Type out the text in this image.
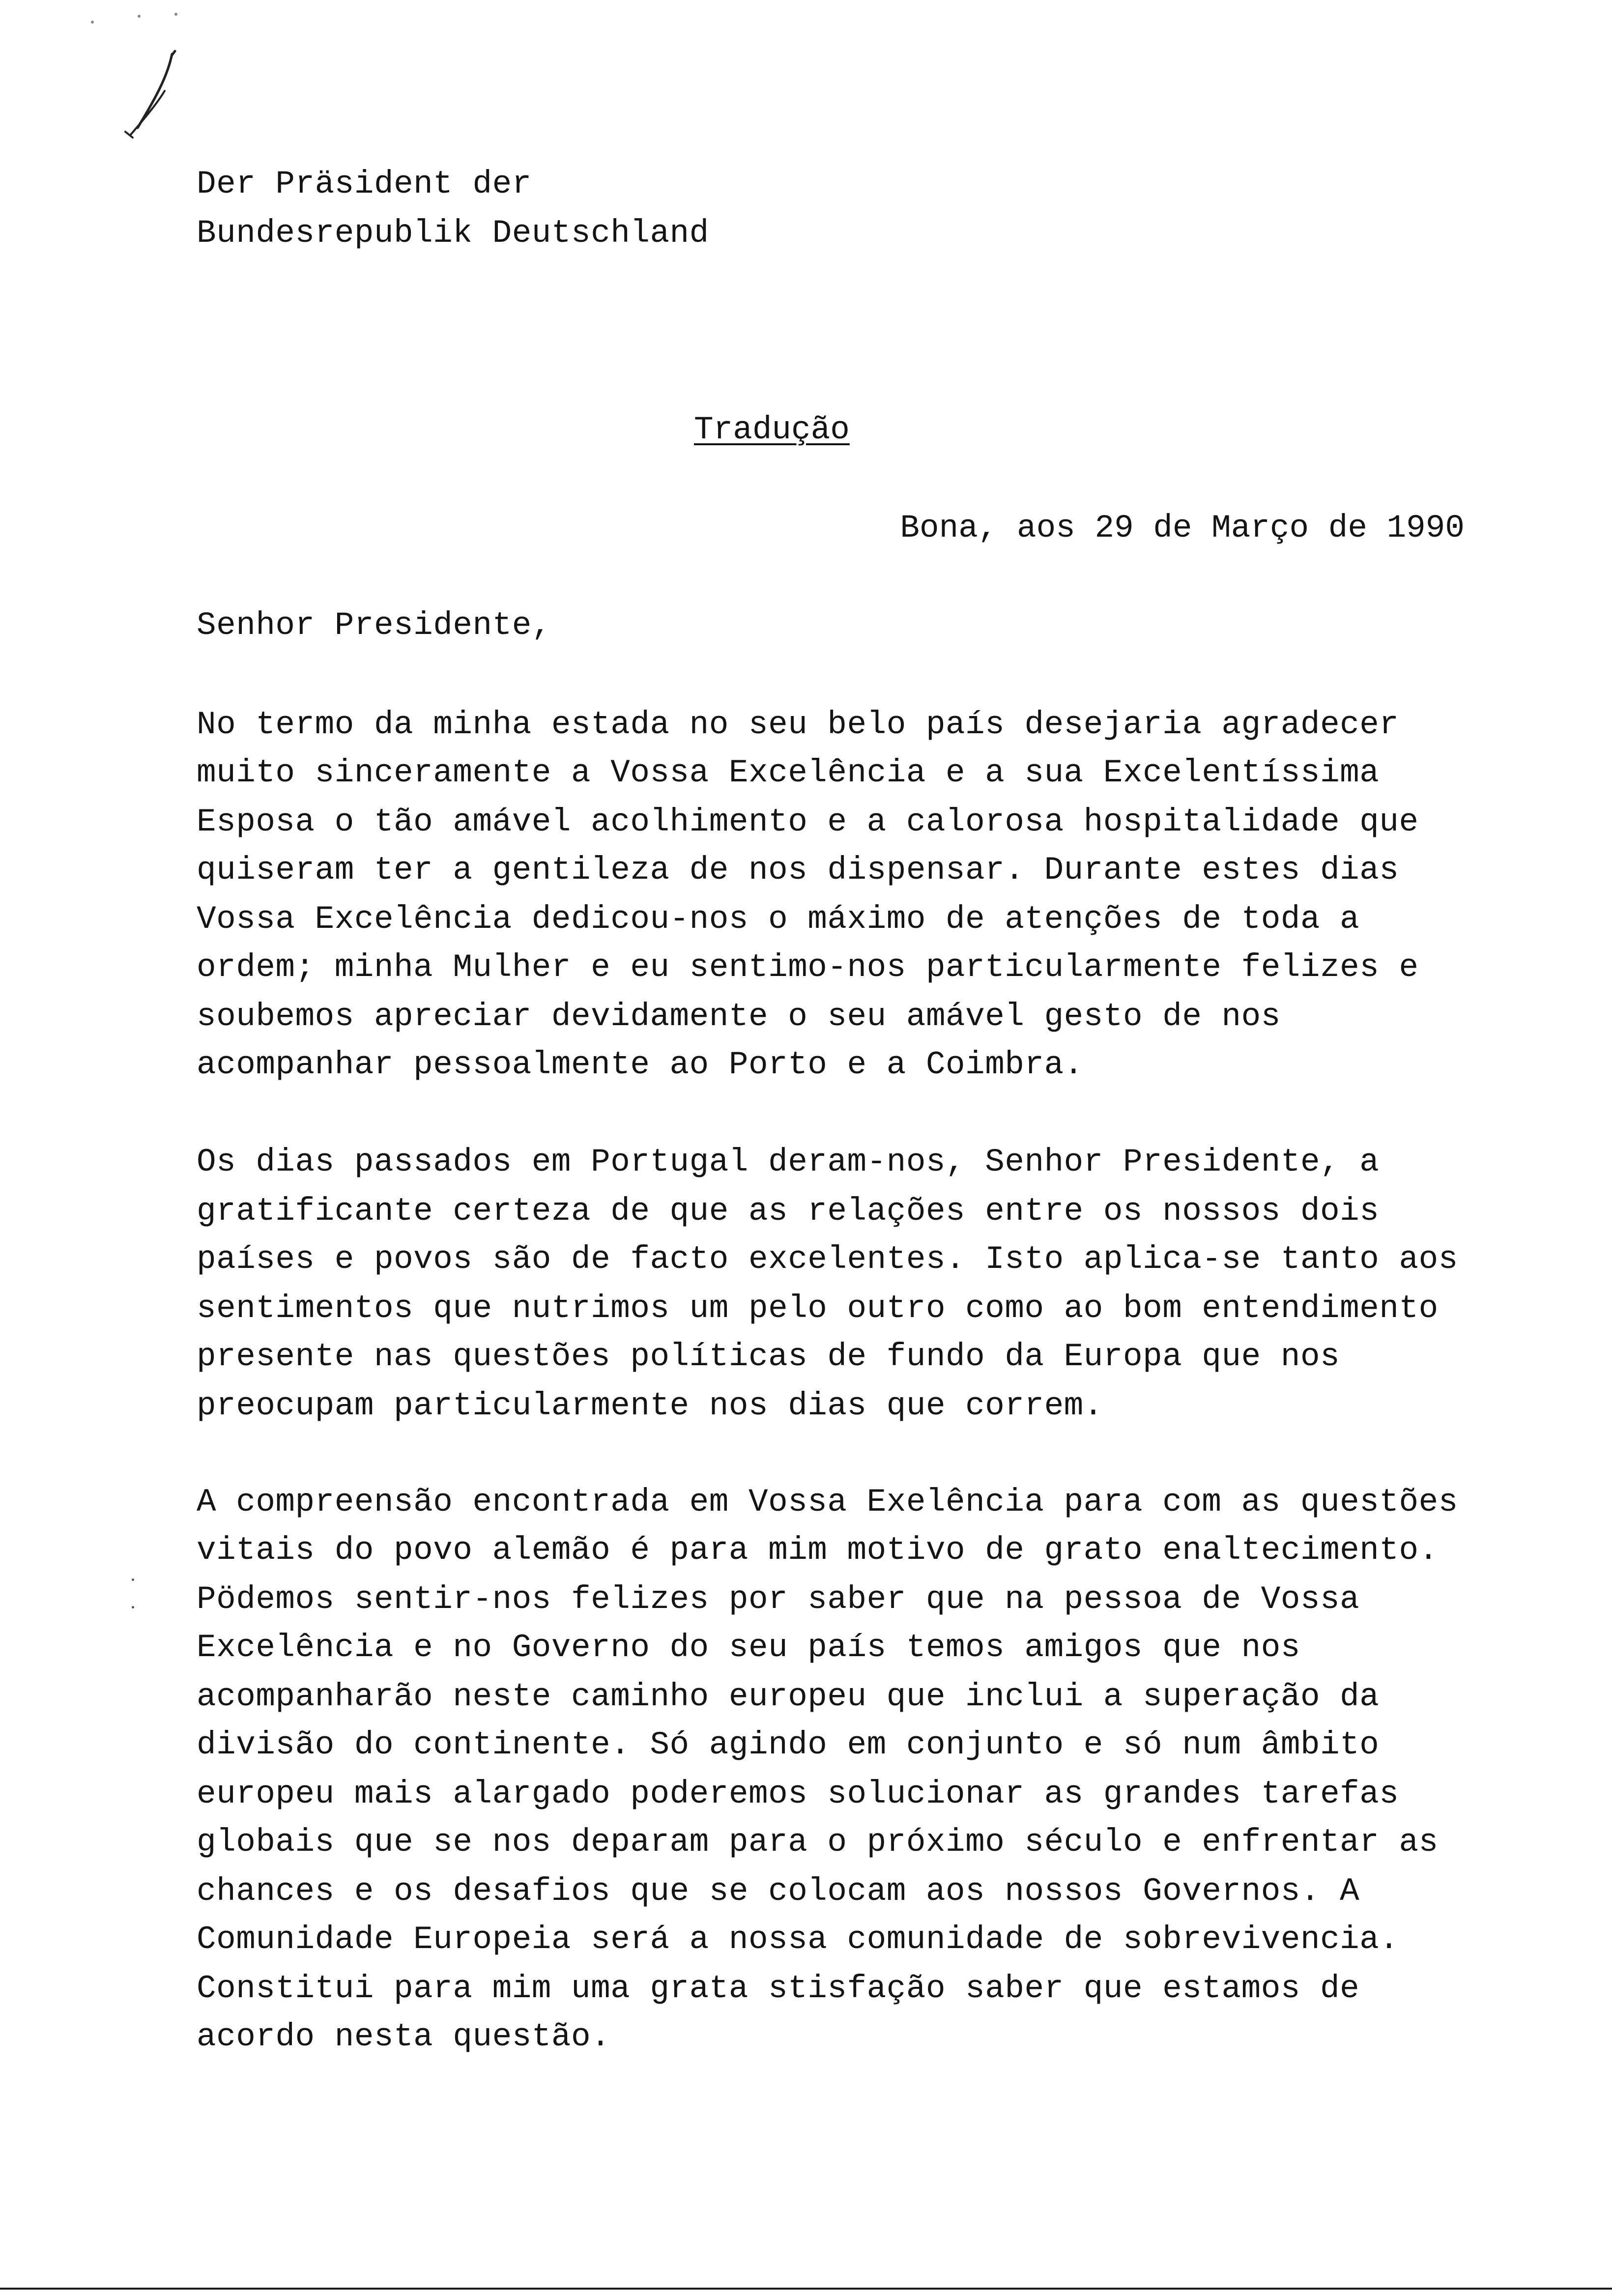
Der Präsident der
Bundesrepublik Deutschland
Tradução
Bona, aos 29 de Março de 1990
Senhor Presidente,
No termo da minha estada no seu belo país desejaria agradecer
muito sinceramente a Vossa Excelência e a sua Excelentíssima
Esposa o tão amável acolhimento e a calorosa hospitalidade que
quiseram ter a gentileza de nos dispensar. Durante estes dias
Vossa Excelência dedicou-nos o máximo de atenções de toda a
ordem; minha Mulher e eu sentimo-nos particularmente felizes e
soubemos apreciar devidamente o seu amável gesto de nos
acompanhar pessoalmente ao Porto e a Coimbra.
Os dias passados em Portugal deram-nos, Senhor Presidente, a
gratificante certeza de que as relações entre os nossos dois
países e povos são de facto excelentes. Isto aplica-se tanto aos
sentimentos que nutrimos um pelo outro como ao bom entendimento
presente nas questões políticas de fundo da Europa que nos
preocupam particularmente nos dias que correm.
A compreensão encontrada em Vossa Exelência para com as questões
vitais do povo alemão é para mim motivo de grato enaltecimento.
Pödemos sentir-nos felizes por saber que na pessoa de Vossa
Excelência e no Governo do seu país temos amigos que nos
acompanharão neste caminho europeu que inclui a superação da
divisão do continente. Só agindo em conjunto e só num âmbito
europeu mais alargado poderemos solucionar as grandes tarefas
globais que se nos deparam para o próximo século e enfrentar as
chances e os desafios que se colocam aos nossos Governos. A
Comunidade Europeia será a nossa comunidade de sobrevivencia.
Constitui para mim uma grata stisfação saber que estamos de
acordo nesta questão.
